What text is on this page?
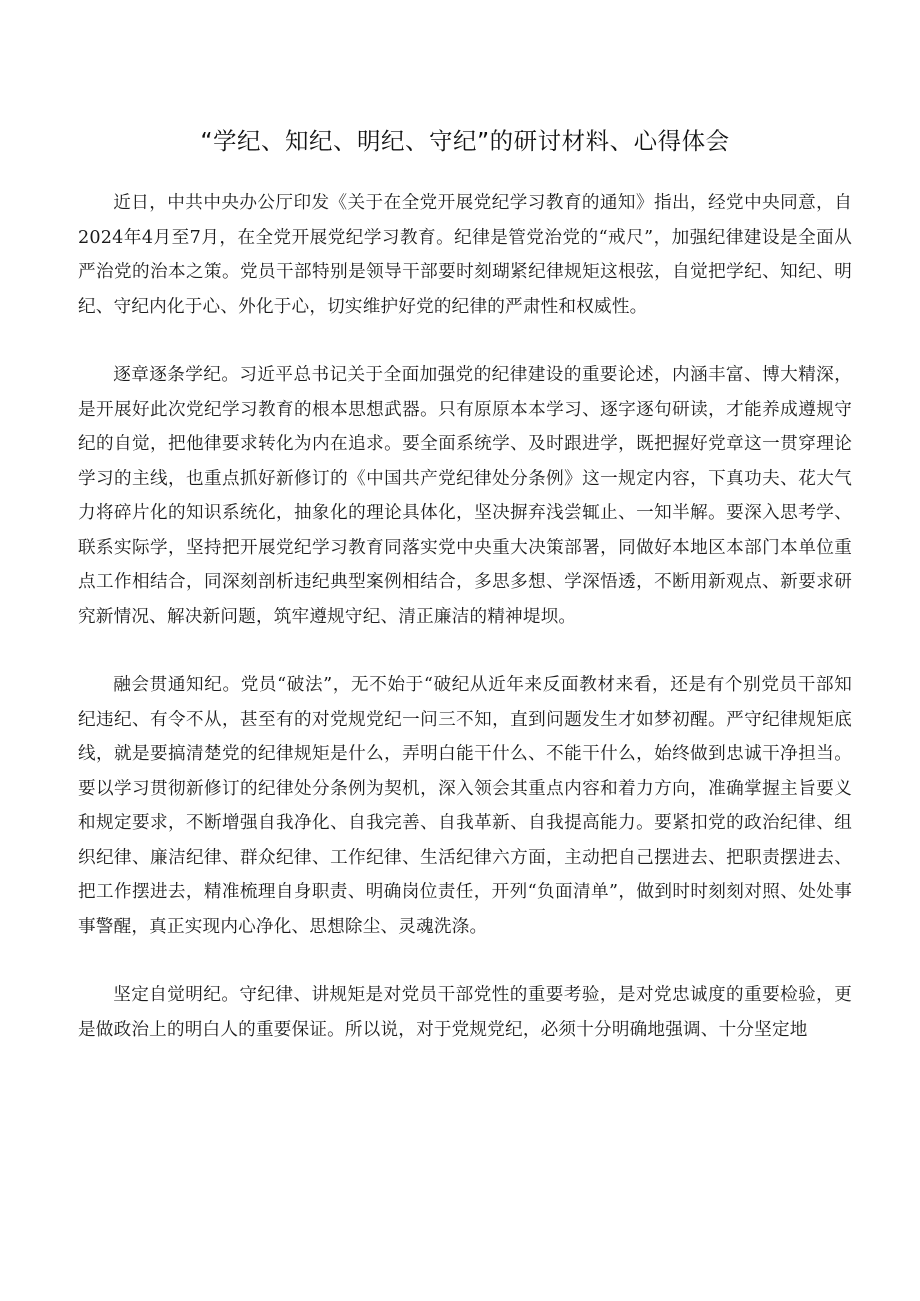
“学纪、知纪、明纪、守纪”的研讨材料、心得体会

近日，中共中央办公厅印发《关于在全党开展党纪学习教育的通知》指出，经党中央同意，自2024年4月至7月，在全党开展党纪学习教育。纪律是管党治党的“戒尺”，加强纪律建设是全面从严治党的治本之策。党员干部特别是领导干部要时刻瑚紧纪律规矩这根弦，自觉把学纪、知纪、明纪、守纪内化于心、外化于心，切实维护好党的纪律的严肃性和权威性。

逐章逐条学纪。习近平总书记关于全面加强党的纪律建设的重要论述，内涵丰富、博大精深，是开展好此次党纪学习教育的根本思想武器。只有原原本本学习、逐字逐句研读，才能养成遵规守纪的自觉，把他律要求转化为内在追求。要全面系统学、及时跟进学，既把握好党章这一贯穿理论学习的主线，也重点抓好新修订的《中国共产党纪律处分条例》这一规定内容，下真功夫、花大气力将碎片化的知识系统化，抽象化的理论具体化，坚决摒弃浅尝辄止、一知半解。要深入思考学、联系实际学，坚持把开展党纪学习教育同落实党中央重大决策部署，同做好本地区本部门本单位重点工作相结合，同深刻剖析违纪典型案例相结合，多思多想、学深悟透，不断用新观点、新要求研究新情况、解决新问题，筑牢遵规守纪、清正廉洁的精神堤坝。

融会贯通知纪。党员“破法”，无不始于“破纪从近年来反面教材来看，还是有个别党员干部知纪违纪、有令不从，甚至有的对党规党纪一问三不知，直到问题发生才如梦初醒。严守纪律规矩底线，就是要搞清楚党的纪律规矩是什么，弄明白能干什么、不能干什么，始终做到忠诚干净担当。要以学习贯彻新修订的纪律处分条例为契机，深入领会其重点内容和着力方向，准确掌握主旨要义和规定要求，不断增强自我净化、自我完善、自我革新、自我提高能力。要紧扣党的政治纪律、组织纪律、廉洁纪律、群众纪律、工作纪律、生活纪律六方面，主动把自己摆进去、把职责摆进去、把工作摆进去，精准梳理自身职责、明确岗位责任，开列“负面清单”，做到时时刻刻对照、处处事事警醒，真正实现内心净化、思想除尘、灵魂洗涤。

坚定自觉明纪。守纪律、讲规矩是对党员干部党性的重要考验，是对党忠诚度的重要检验，更是做政治上的明白人的重要保证。所以说，对于党规党纪，必须十分明确地强调、十分坚定地
